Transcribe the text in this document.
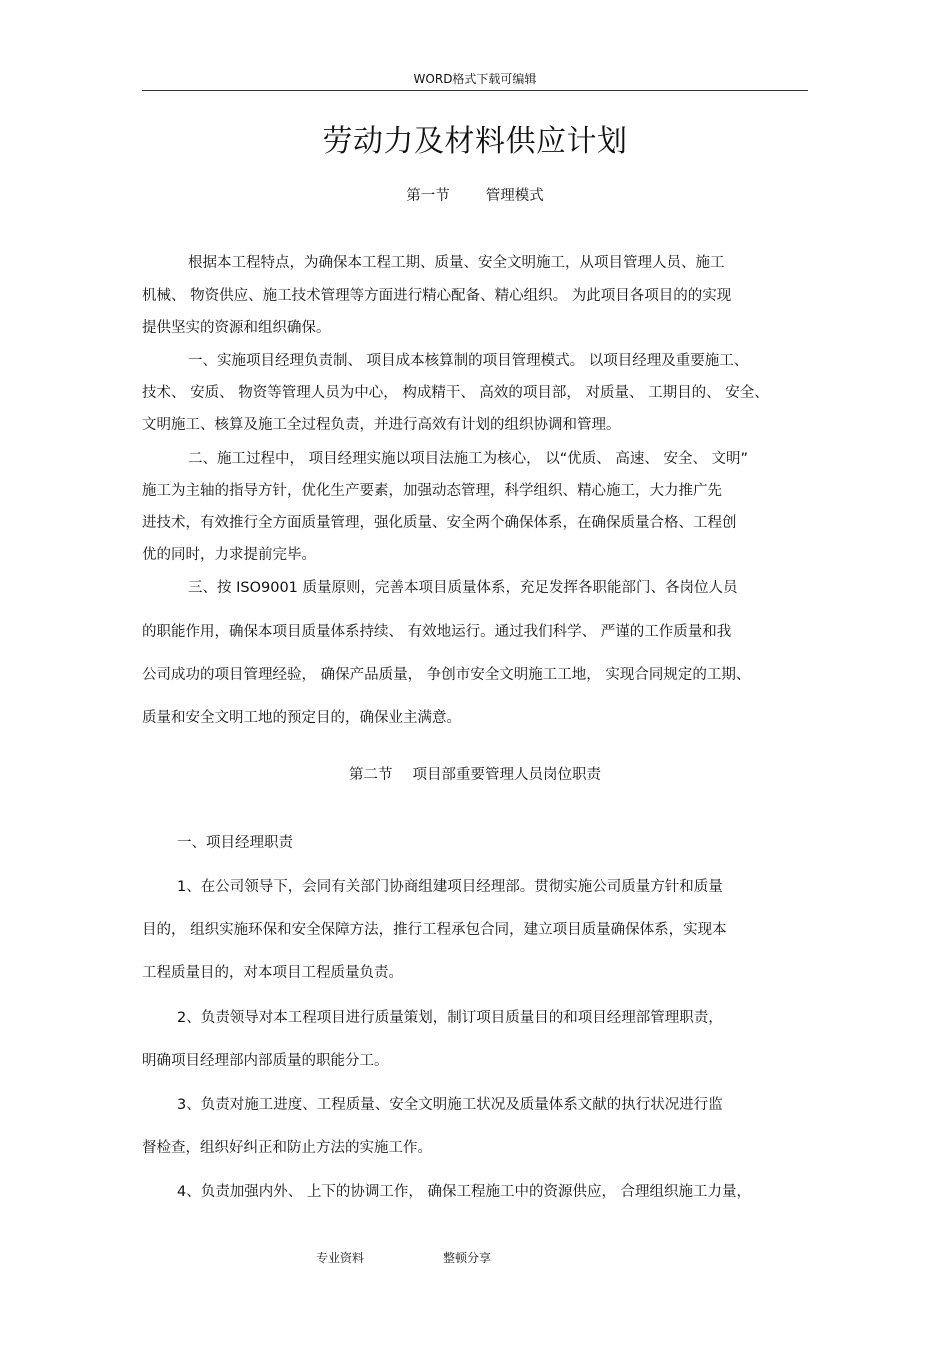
WORD格式下载可编辑
劳动力及材料供应计划
第一节 管理模式
根据本工程特点，为确保本工程工期、质量、安全文明施工，从项目管理人员、施工
机械、 物资供应、施工技术管理等方面进行精心配备、精心组织。 为此项目各项目的的实现
提供坚实的资源和组织确保。
一、实施项目经理负责制、 项目成本核算制的项目管理模式。 以项目经理及重要施工、
技术、 安质、 物资等管理人员为中心， 构成精干、 高效的项目部， 对质量、 工期目的、 安全、
文明施工、核算及施工全过程负责，并进行高效有计划的组织协调和管理。
二、施工过程中， 项目经理实施以项目法施工为核心， 以“优质、 高速、 安全、 文明”
施工为主轴的指导方针，优化生产要素，加强动态管理，科学组织、精心施工，大力推广先
进技术，有效推行全方面质量管理，强化质量、安全两个确保体系，在确保质量合格、工程创
优的同时，力求提前完毕。
三、按 ISO9001 质量原则，完善本项目质量体系，充足发挥各职能部门、各岗位人员
的职能作用，确保本项目质量体系持续、 有效地运行。通过我们科学、 严谨的工作质量和我
公司成功的项目管理经验， 确保产品质量， 争创市安全文明施工工地， 实现合同规定的工期、
质量和安全文明工地的预定目的，确保业主满意。
第二节 项目部重要管理人员岗位职责
一、项目经理职责
1、在公司领导下，会同有关部门协商组建项目经理部。贯彻实施公司质量方针和质量
目的， 组织实施环保和安全保障方法，推行工程承包合同，建立项目质量确保体系，实现本
工程质量目的，对本项目工程质量负责。
2、负责领导对本工程项目进行质量策划，制订项目质量目的和项目经理部管理职责，
明确项目经理部内部质量的职能分工。
3、负责对施工进度、工程质量、安全文明施工状况及质量体系文献的执行状况进行监
督检查，组织好纠正和防止方法的实施工作。
4、负责加强内外、 上下的协调工作， 确保工程施工中的资源供应， 合理组织施工力量，
专业资料	整顿分享
